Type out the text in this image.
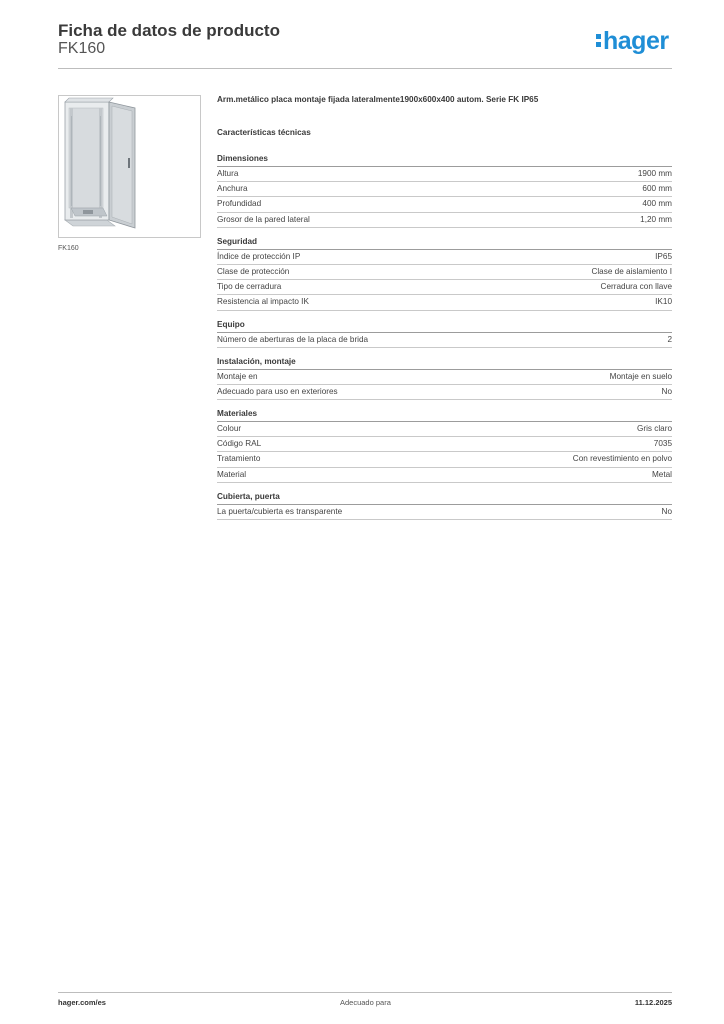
Ficha de datos de producto
FK160	hager
FK160
Arm.metálico placa montaje fijada lateralmente1900x600x400 autom. Serie FK IP65
Características técnicas
Dimensiones
Altura	1900 mm
Anchura	600 mm
Profundidad	400 mm
Grosor de la pared lateral	1,20 mm
Seguridad
Índice de protección IP	IP65
Clase de protección	Clase de aislamiento I
Tipo de cerradura	Cerradura con llave
Resistencia al impacto IK	IK10
Equipo
Número de aberturas de la placa de brida	2
Instalación, montaje
Montaje en	Montaje en suelo
Adecuado para uso en exteriores	No
Materiales
Colour	Gris claro
Código RAL	7035
Tratamiento	Con revestimiento en polvo
Material	Metal
Cubierta, puerta
La puerta/cubierta es transparente	No
hager.com/es	Adecuado para	11.12.2025
